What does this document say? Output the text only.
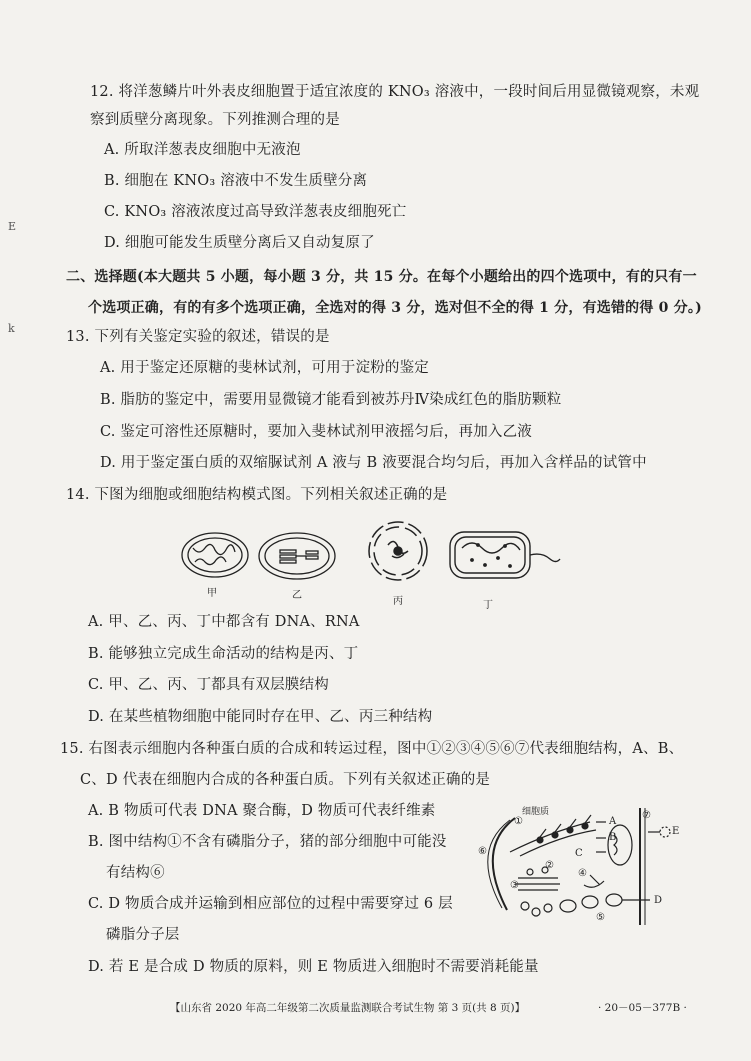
12. 将洋葱鳞片叶外表皮细胞置于适宜浓度的 KNO₃ 溶液中，一段时间后用显微镜观察，未观
察到质壁分离现象。下列推测合理的是
A. 所取洋葱表皮细胞中无液泡
B. 细胞在 KNO₃ 溶液中不发生质壁分离
C. KNO₃ 溶液浓度过高导致洋葱表皮细胞死亡
D. 细胞可能发生质壁分离后又自动复原了
二、选择题(本大题共 5 小题，每小题 3 分，共 15 分。在每个小题给出的四个选项中，有的只有一
个选项正确，有的有多个选项正确，全选对的得 3 分，选对但不全的得 1 分，有选错的得 0 分。)
13. 下列有关鉴定实验的叙述，错误的是
A. 用于鉴定还原糖的斐林试剂，可用于淀粉的鉴定
B. 脂肪的鉴定中，需要用显微镜才能看到被苏丹Ⅳ染成红色的脂肪颗粒
C. 鉴定可溶性还原糖时，要加入斐林试剂甲液摇匀后，再加入乙液
D. 用于鉴定蛋白质的双缩脲试剂 A 液与 B 液要混合均匀后，再加入含样品的试管中
14. 下图为细胞或细胞结构模式图。下列相关叙述正确的是
甲	乙
丙	丁
A. 甲、乙、丙、丁中都含有 DNA、RNA
B. 能够独立完成生命活动的结构是丙、丁
C. 甲、乙、丙、丁都具有双层膜结构
D. 在某些植物细胞中能同时存在甲、乙、丙三种结构
15. 右图表示细胞内各种蛋白质的合成和转运过程，图中①②③④⑤⑥⑦代表细胞结构，A、B、
C、D 代表在细胞内合成的各种蛋白质。下列有关叙述正确的是
A. B 物质可代表 DNA 聚合酶，D 物质可代表纤维素
B. 图中结构①不含有磷脂分子，猪的部分细胞中可能没
有结构⑥
C. D 物质合成并运输到相应部位的过程中需要穿过 6 层
磷脂分子层
D. 若 E 是合成 D 物质的原料，则 E 物质进入细胞时不需要消耗能量
细胞质
①
②
③
④
⑤
⑥
⑦
A
B
C
D
E
E
k
【山东省 2020 年高二年级第二次质量监测联合考试生物 第 3 页(共 8 页)】	· 20－05－377B ·
